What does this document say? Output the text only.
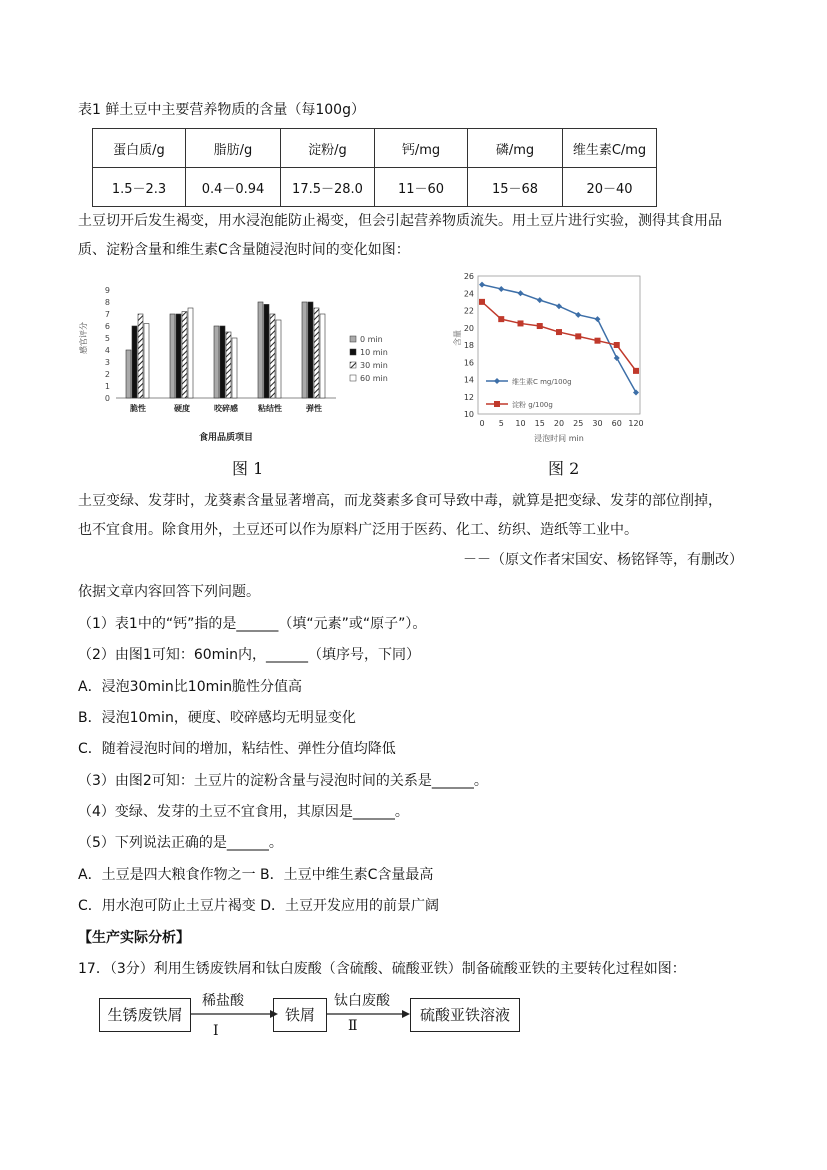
表1 鲜土豆中主要营养物质的含量（每100g）
蛋白质/g	脂肪/g	淀粉/g	钙/mg	磷/mg	维生素C/mg
1.5－2.3	0.4－0.94	17.5－28.0	11－60	15－68	20－40
土豆切开后发生褐变，用水浸泡能防止褐变，但会引起营养物质流失。用土豆片进行实验，测得其食用品
质、淀粉含量和维生素C含量随浸泡时间的变化如图：
0
1
2
3
4
5
6
7
8
9
感官评分
脆性	硬度	咬碎感	粘结性	弹性
食用品质项目
0 min
10 min
30 min
60 min
图 1
10
12
14
16
18
20
22
24
26
0 5 10 15 20 25 30 60 120
维生素C mg/100g
淀粉 g/100g
浸泡时间 min
含量
图 2
土豆变绿、发芽时，龙葵素含量显著增高，而龙葵素多食可导致中毒，就算是把变绿、发芽的部位削掉，
也不宜食用。除食用外，土豆还可以作为原料广泛用于医药、化工、纺织、造纸等工业中。
－－（原文作者宋国安、杨铭铎等，有删改）
依据文章内容回答下列问题。
（1）表1中的“钙”指的是______（填“元素”或“原子”）。
（2）由图1可知：60min内，______（填序号，下同）
A．浸泡30min比10min脆性分值高
B．浸泡10min，硬度、咬碎感均无明显变化
C．随着浸泡时间的增加，粘结性、弹性分值均降低
（3）由图2可知：土豆片的淀粉含量与浸泡时间的关系是______。
（4）变绿、发芽的土豆不宜食用，其原因是______。
（5）下列说法正确的是______。
A．土豆是四大粮食作物之一 B．土豆中维生素C含量最高
C．用水泡可防止土豆片褐变 D．土豆开发应用的前景广阔
【生产实际分析】
17．（3分）利用生锈废铁屑和钛白废酸（含硫酸、硫酸亚铁）制备硫酸亚铁的主要转化过程如图：
生锈废铁屑
稀盐酸
Ⅰ
铁屑
钛白废酸
Ⅱ
硫酸亚铁溶液
